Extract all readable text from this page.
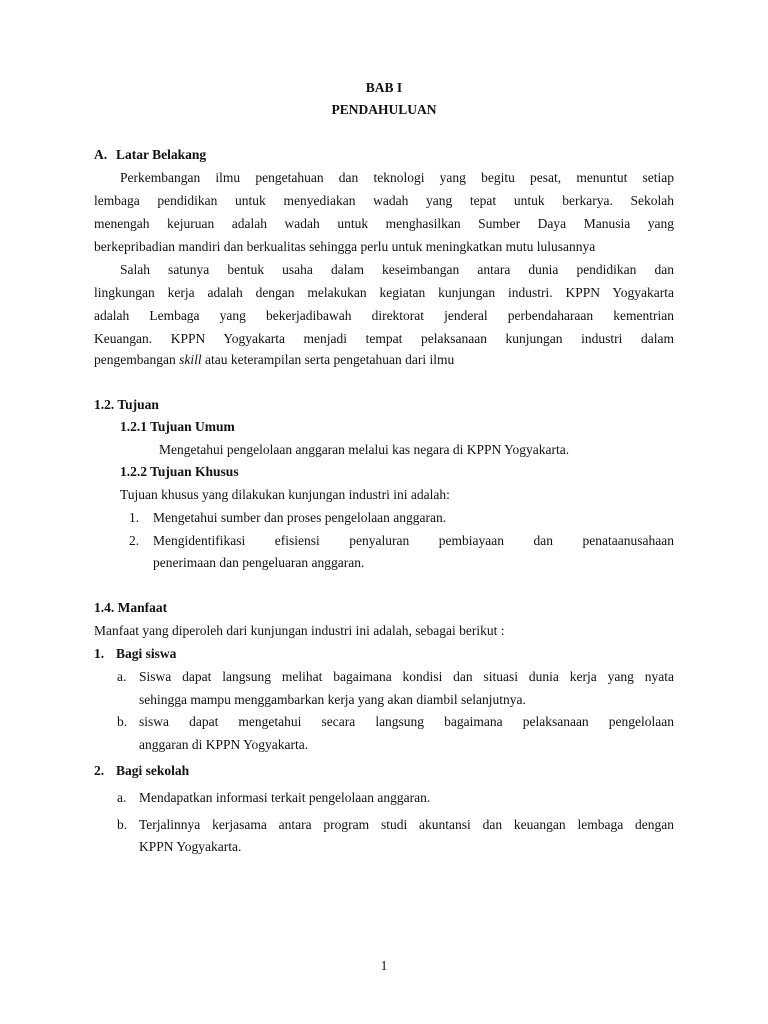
BAB I
PENDAHULUAN
A. Latar Belakang
Perkembangan ilmu pengetahuan dan teknologi yang begitu pesat, menuntut setiap
lembaga pendidikan untuk menyediakan wadah yang tepat untuk berkarya. Sekolah
menengah kejuruan adalah wadah untuk menghasilkan Sumber Daya Manusia yang
berkepribadian mandiri dan berkualitas sehingga perlu untuk meningkatkan mutu lulusannya
Salah satunya bentuk usaha dalam keseimbangan antara dunia pendidikan dan
lingkungan kerja adalah dengan melakukan kegiatan kunjungan industri. KPPN Yogyakarta
adalah Lembaga yang bekerjadibawah direktorat jenderal perbendaharaan kementrian
Keuangan. KPPN Yogyakarta menjadi tempat pelaksanaan kunjungan industri dalam
pengembangan skill atau keterampilan serta pengetahuan dari ilmu
1.2. Tujuan
1.2.1 Tujuan Umum
Mengetahui pengelolaan anggaran melalui kas negara di KPPN Yogyakarta.
1.2.2 Tujuan Khusus
Tujuan khusus yang dilakukan kunjungan industri ini adalah:
1. Mengetahui sumber dan proses pengelolaan anggaran.
2. Mengidentifikasi efisiensi penyaluran pembiayaan dan penataanusahaan
penerimaan dan pengeluaran anggaran.
1.4. Manfaat
Manfaat yang diperoleh dari kunjungan industri ini adalah, sebagai berikut :
1. Bagi siswa
a. Siswa dapat langsung melihat bagaimana kondisi dan situasi dunia kerja yang nyata
sehingga mampu menggambarkan kerja yang akan diambil selanjutnya.
b. siswa dapat mengetahui secara langsung bagaimana pelaksanaan pengelolaan
anggaran di KPPN Yogyakarta.
2. Bagi sekolah
a. Mendapatkan informasi terkait pengelolaan anggaran.
b. Terjalinnya kerjasama antara program studi akuntansi dan keuangan lembaga dengan
KPPN Yogyakarta.
1
